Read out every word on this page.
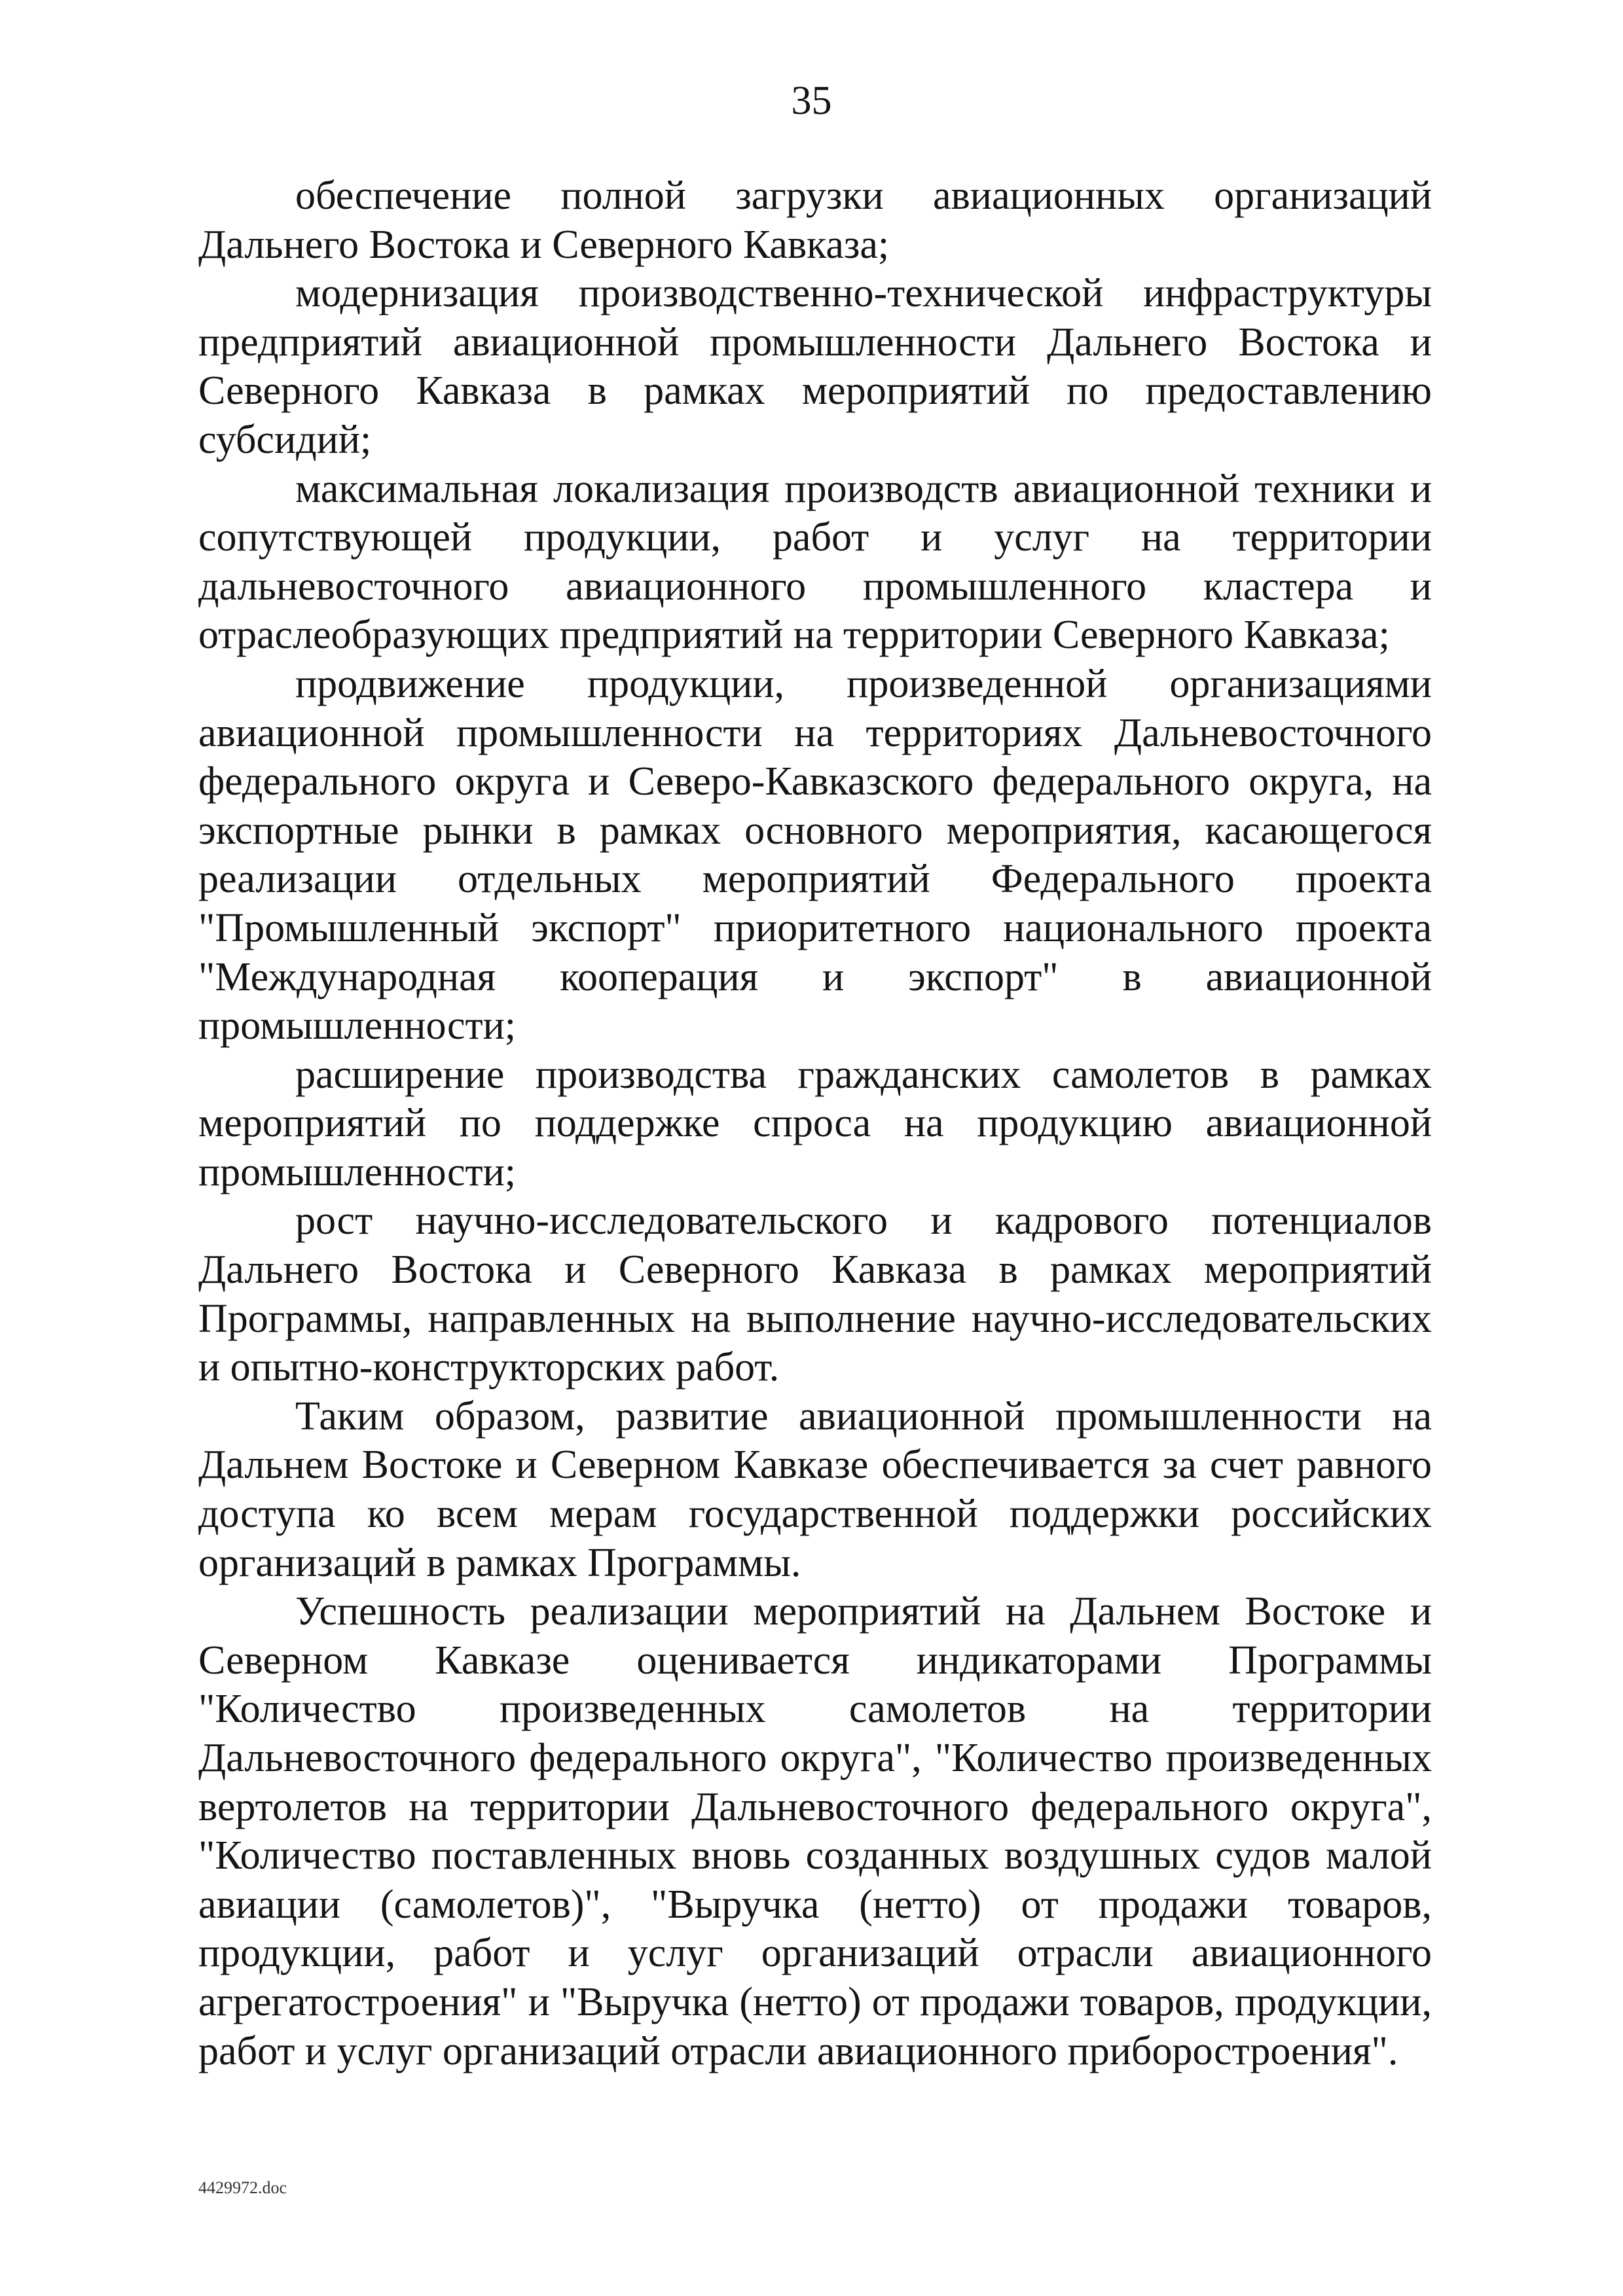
35

обеспечение полной загрузки авиационных организаций Дальнего Востока и Северного Кавказа;

модернизация производственно-технической инфраструктуры предприятий авиационной промышленности Дальнего Востока и Северного Кавказа в рамках мероприятий по предоставлению субсидий;

максимальная локализация производств авиационной техники и сопутствующей продукции, работ и услуг на территории дальневосточного авиационного промышленного кластера и отраслеобразующих предприятий на территории Северного Кавказа;

продвижение продукции, произведенной организациями авиационной промышленности на территориях Дальневосточного федерального округа и Северо-Кавказского федерального округа, на экспортные рынки в рамках основного мероприятия, касающегося реализации отдельных мероприятий Федерального проекта "Промышленный экспорт" приоритетного национального проекта "Международная кооперация и экспорт" в авиационной промышленности;

расширение производства гражданских самолетов в рамках мероприятий по поддержке спроса на продукцию авиационной промышленности;

рост научно-исследовательского и кадрового потенциалов Дальнего Востока и Северного Кавказа в рамках мероприятий Программы, направленных на выполнение научно-исследовательских и опытно-конструкторских работ.

Таким образом, развитие авиационной промышленности на Дальнем Востоке и Северном Кавказе обеспечивается за счет равного доступа ко всем мерам государственной поддержки российских организаций в рамках Программы.

Успешность реализации мероприятий на Дальнем Востоке и Северном Кавказе оценивается индикаторами Программы "Количество произведенных самолетов на территории Дальневосточного федерального округа", "Количество произведенных вертолетов на территории Дальневосточного федерального округа", "Количество поставленных вновь созданных воздушных судов малой авиации (самолетов)", "Выручка (нетто) от продажи товаров, продукции, работ и услуг организаций отрасли авиационного агрегатостроения" и "Выручка (нетто) от продажи товаров, продукции, работ и услуг организаций отрасли авиационного приборостроения".

4429972.doc
